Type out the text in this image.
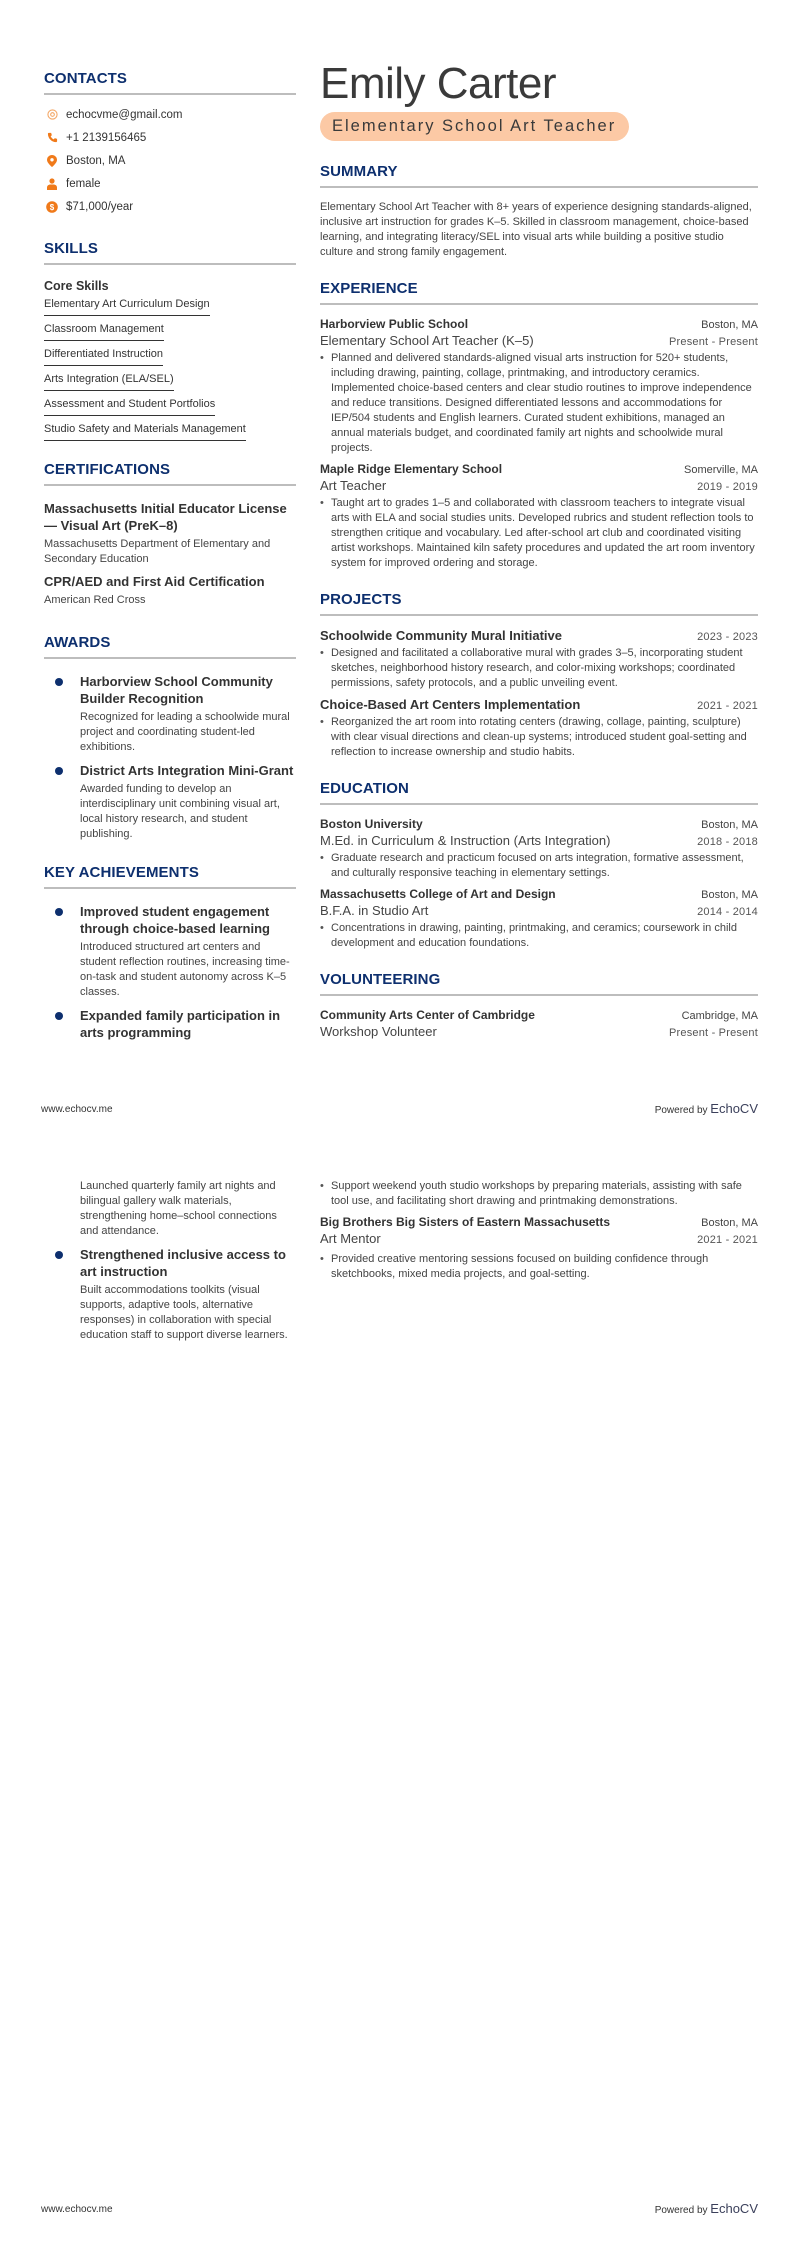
CONTACTS
echocvme@gmail.com
+1 2139156465
Boston, MA
female
$ $71,000/year
SKILLS
Core Skills
Elementary Art Curriculum Design
Classroom Management
Differentiated Instruction
Arts Integration (ELA/SEL)
Assessment and Student Portfolios
Studio Safety and Materials Management
CERTIFICATIONS
Massachusetts Initial Educator License — Visual Art (PreK–8)
Massachusetts Department of Elementary and Secondary Education
CPR/AED and First Aid Certification
American Red Cross
AWARDS
Harborview School Community Builder Recognition
Recognized for leading a schoolwide mural project and coordinating student-led exhibitions.
District Arts Integration Mini-Grant
Awarded funding to develop an interdisciplinary unit combining visual art, local history research, and student publishing.
KEY ACHIEVEMENTS
Improved student engagement through choice-based learning
Introduced structured art centers and student reflection routines, increasing time-on-task and student autonomy across K–5 classes.
Expanded family participation in arts programming
Emily Carter
Elementary School Art Teacher
SUMMARY

Elementary School Art Teacher with 8+ years of experience designing standards-aligned, inclusive art instruction for grades K–5. Skilled in classroom management, choice-based learning, and integrating literacy/SEL into visual arts while building a positive studio culture and strong family engagement.

EXPERIENCE
Harborview Public School	Boston, MA
Elementary School Art Teacher (K–5)	Present - Present
• Planned and delivered standards-aligned visual arts instruction for 520+ students, including drawing, painting, collage, printmaking, and introductory ceramics. Implemented choice-based centers and clear studio routines to improve independence and reduce transitions. Designed differentiated lessons and accommodations for IEP/504 students and English learners. Curated student exhibitions, managed an annual materials budget, and coordinated family art nights and schoolwide mural projects.
Maple Ridge Elementary School	Somerville, MA
Art Teacher	2019 - 2019
• Taught art to grades 1–5 and collaborated with classroom teachers to integrate visual arts with ELA and social studies units. Developed rubrics and student reflection tools to strengthen critique and vocabulary. Led after-school art club and coordinated visiting artist workshops. Maintained kiln safety procedures and updated the art room inventory system for improved ordering and storage.
PROJECTS
Schoolwide Community Mural Initiative	2023 - 2023
• Designed and facilitated a collaborative mural with grades 3–5, incorporating student sketches, neighborhood history research, and color-mixing workshops; coordinated permissions, safety protocols, and a public unveiling event.
Choice-Based Art Centers Implementation	2021 - 2021
• Reorganized the art room into rotating centers (drawing, collage, painting, sculpture) with clear visual directions and clean-up systems; introduced student goal-setting and reflection to increase ownership and studio habits.
EDUCATION
Boston University	Boston, MA
M.Ed. in Curriculum & Instruction (Arts Integration)	2018 - 2018
• Graduate research and practicum focused on arts integration, formative assessment, and culturally responsive teaching in elementary settings.
Massachusetts College of Art and Design	Boston, MA
B.F.A. in Studio Art	2014 - 2014
• Concentrations in drawing, painting, printmaking, and ceramics; coursework in child development and education foundations.
VOLUNTEERING
Community Arts Center of Cambridge	Cambridge, MA
Workshop Volunteer	Present - Present
www.echocv.me	Powered by EchoCV
Launched quarterly family art nights and bilingual gallery walk materials, strengthening home–school connections and attendance.
Strengthened inclusive access to art instruction
Built accommodations toolkits (visual supports, adaptive tools, alternative responses) in collaboration with special education staff to support diverse learners.
• Support weekend youth studio workshops by preparing materials, assisting with safe tool use, and facilitating short drawing and printmaking demonstrations.
Big Brothers Big Sisters of Eastern Massachusetts	Boston, MA
Art Mentor	2021 - 2021
• Provided creative mentoring sessions focused on building confidence through sketchbooks, mixed media projects, and goal-setting.
www.echocv.me	Powered by EchoCV
